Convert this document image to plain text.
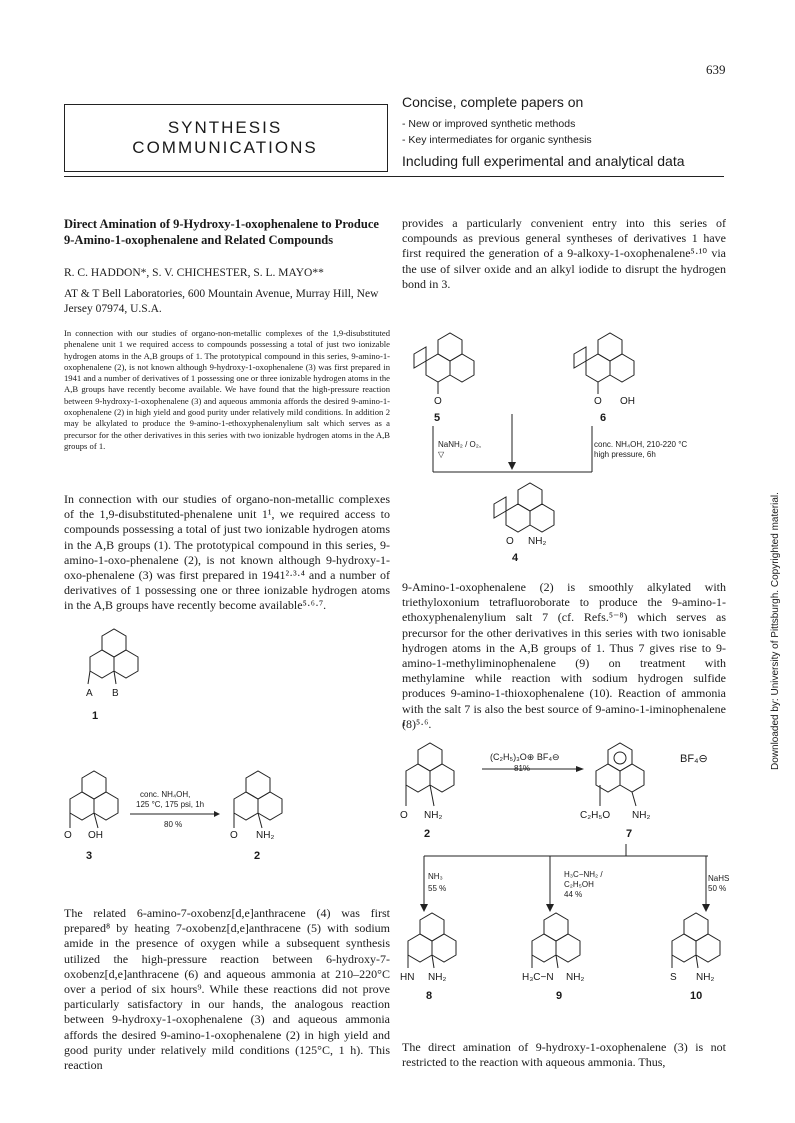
639
SYNTHESIS
COMMUNICATIONS
Concise, complete papers on
- New or improved synthetic methods
- Key intermediates for organic synthesis
Including full experimental and analytical data
Direct Amination of 9-Hydroxy-1-oxophenalene to Produce 9-Amino-1-oxophenalene and Related Compounds
R. C. HADDON*, S. V. CHICHESTER, S. L. MAYO**
AT & T Bell Laboratories, 600 Mountain Avenue, Murray Hill, New Jersey 07974, U.S.A.
In connection with our studies of organo-non-metallic complexes of the 1,9-disubstituted phenalene unit 1 we required access to compounds possessing a total of just two ionizable hydrogen atoms in the A,B groups of 1. The prototypical compound in this series, 9-amino-1-oxophenalene (2), is not known although 9-hydroxy-1-oxophenalene (3) was first prepared in 1941 and a number of derivatives of 1 possessing one or three ionizable hydrogen atoms in the A,B groups have recently become available. We have found that the high-pressure reaction between 9-hydroxy-1-oxophenalene (3) and aqueous ammonia affords the desired 9-amino-1-oxophenalene (2) in high yield and good purity under relatively mild conditions. In addition 2 may be alkylated to produce the 9-amino-1-ethoxyphenalenylium salt which serves as a precursor for the other derivatives in this series with two ionizable hydrogen atoms in the A,B groups of 1.
In connection with our studies of organo-non-metallic complexes of the 1,9-disubstituted-phenalene unit 1¹, we required access to compounds possessing a total of just two ionizable hydrogen atoms in the A,B groups (1). The prototypical compound in this series, 9-amino-1-oxo-phenalene (2), is not known although 9-hydroxy-1-oxo-phenalene (3) was first prepared in 1941²·³·⁴ and a number of derivatives of 1 possessing one or three ionizable hydrogen atoms in the A,B groups have recently become available⁵·⁶·⁷.
A B
1
O OH
3
conc. NH₄OH,
125 °C, 175 psi, 1h
80 %
O NH₂
2
The related 6-amino-7-oxobenz[d,e]anthracene (4) was first prepared⁸ by heating 7-oxobenz[d,e]anthracene (5) with sodium amide in the presence of oxygen while a subsequent synthesis utilized the high-pressure reaction between 6-hydroxy-7-oxobenz[d,e]anthracene (6) and aqueous ammonia at 210–220°C over a period of six hours⁹. While these reactions did not prove particularly satisfactory in our hands, the analogous reaction between 9-hydroxy-1-oxophenalene (3) and aqueous ammonia affords the desired 9-amino-1-oxophenalene (2) in high yield and good purity under relatively mild conditions (125°C, 1 h). This reaction
provides a particularly convenient entry into this series of compounds as previous general syntheses of derivatives 1 have first required the generation of a 9-alkoxy-1-oxophenalene⁵·¹⁰ via the use of silver oxide and an alkyl iodide to disrupt the hydrogen bond in 3.
O
5
O OH
6
NaNH₂ / O₂,
▽
conc. NH₄OH, 210-220 °C
high pressure, 6h
O NH₂
4
9-Amino-1-oxophenalene (2) is smoothly alkylated with triethyloxonium tetrafluoroborate to produce the 9-amino-1-ethoxyphenalenylium salt 7 (cf. Refs.⁵⁻⁸) which serves as precursor for the other derivatives in this series with two ionisable hydrogen atoms in the A,B groups of 1. Thus 7 gives rise to 9-amino-1-methyliminophenalene (9) on treatment with methylamine while reaction with sodium hydrogen sulfide produces 9-amino-1-thioxophenalene (10). Reaction of ammonia with the salt 7 is also the best source of 9-amino-1-iminophenalene (8)⁵·⁶.
(C₂H₅)₃O⊕ BF₄⊖
81%
BF₄⊖
O NH₂
2
C₂H₅O NH₂
7
NH₃
55 %
H₃C−NH₂ /
C₂H₅OH
44 %
NaHS
50 %
HN NH₂
8
H₃C−N NH₂
9
S NH₂
10
The direct amination of 9-hydroxy-1-oxophenalene (3) is not restricted to the reaction with aqueous ammonia. Thus,
Downloaded by: University of Pittsburgh. Copyrighted material.
